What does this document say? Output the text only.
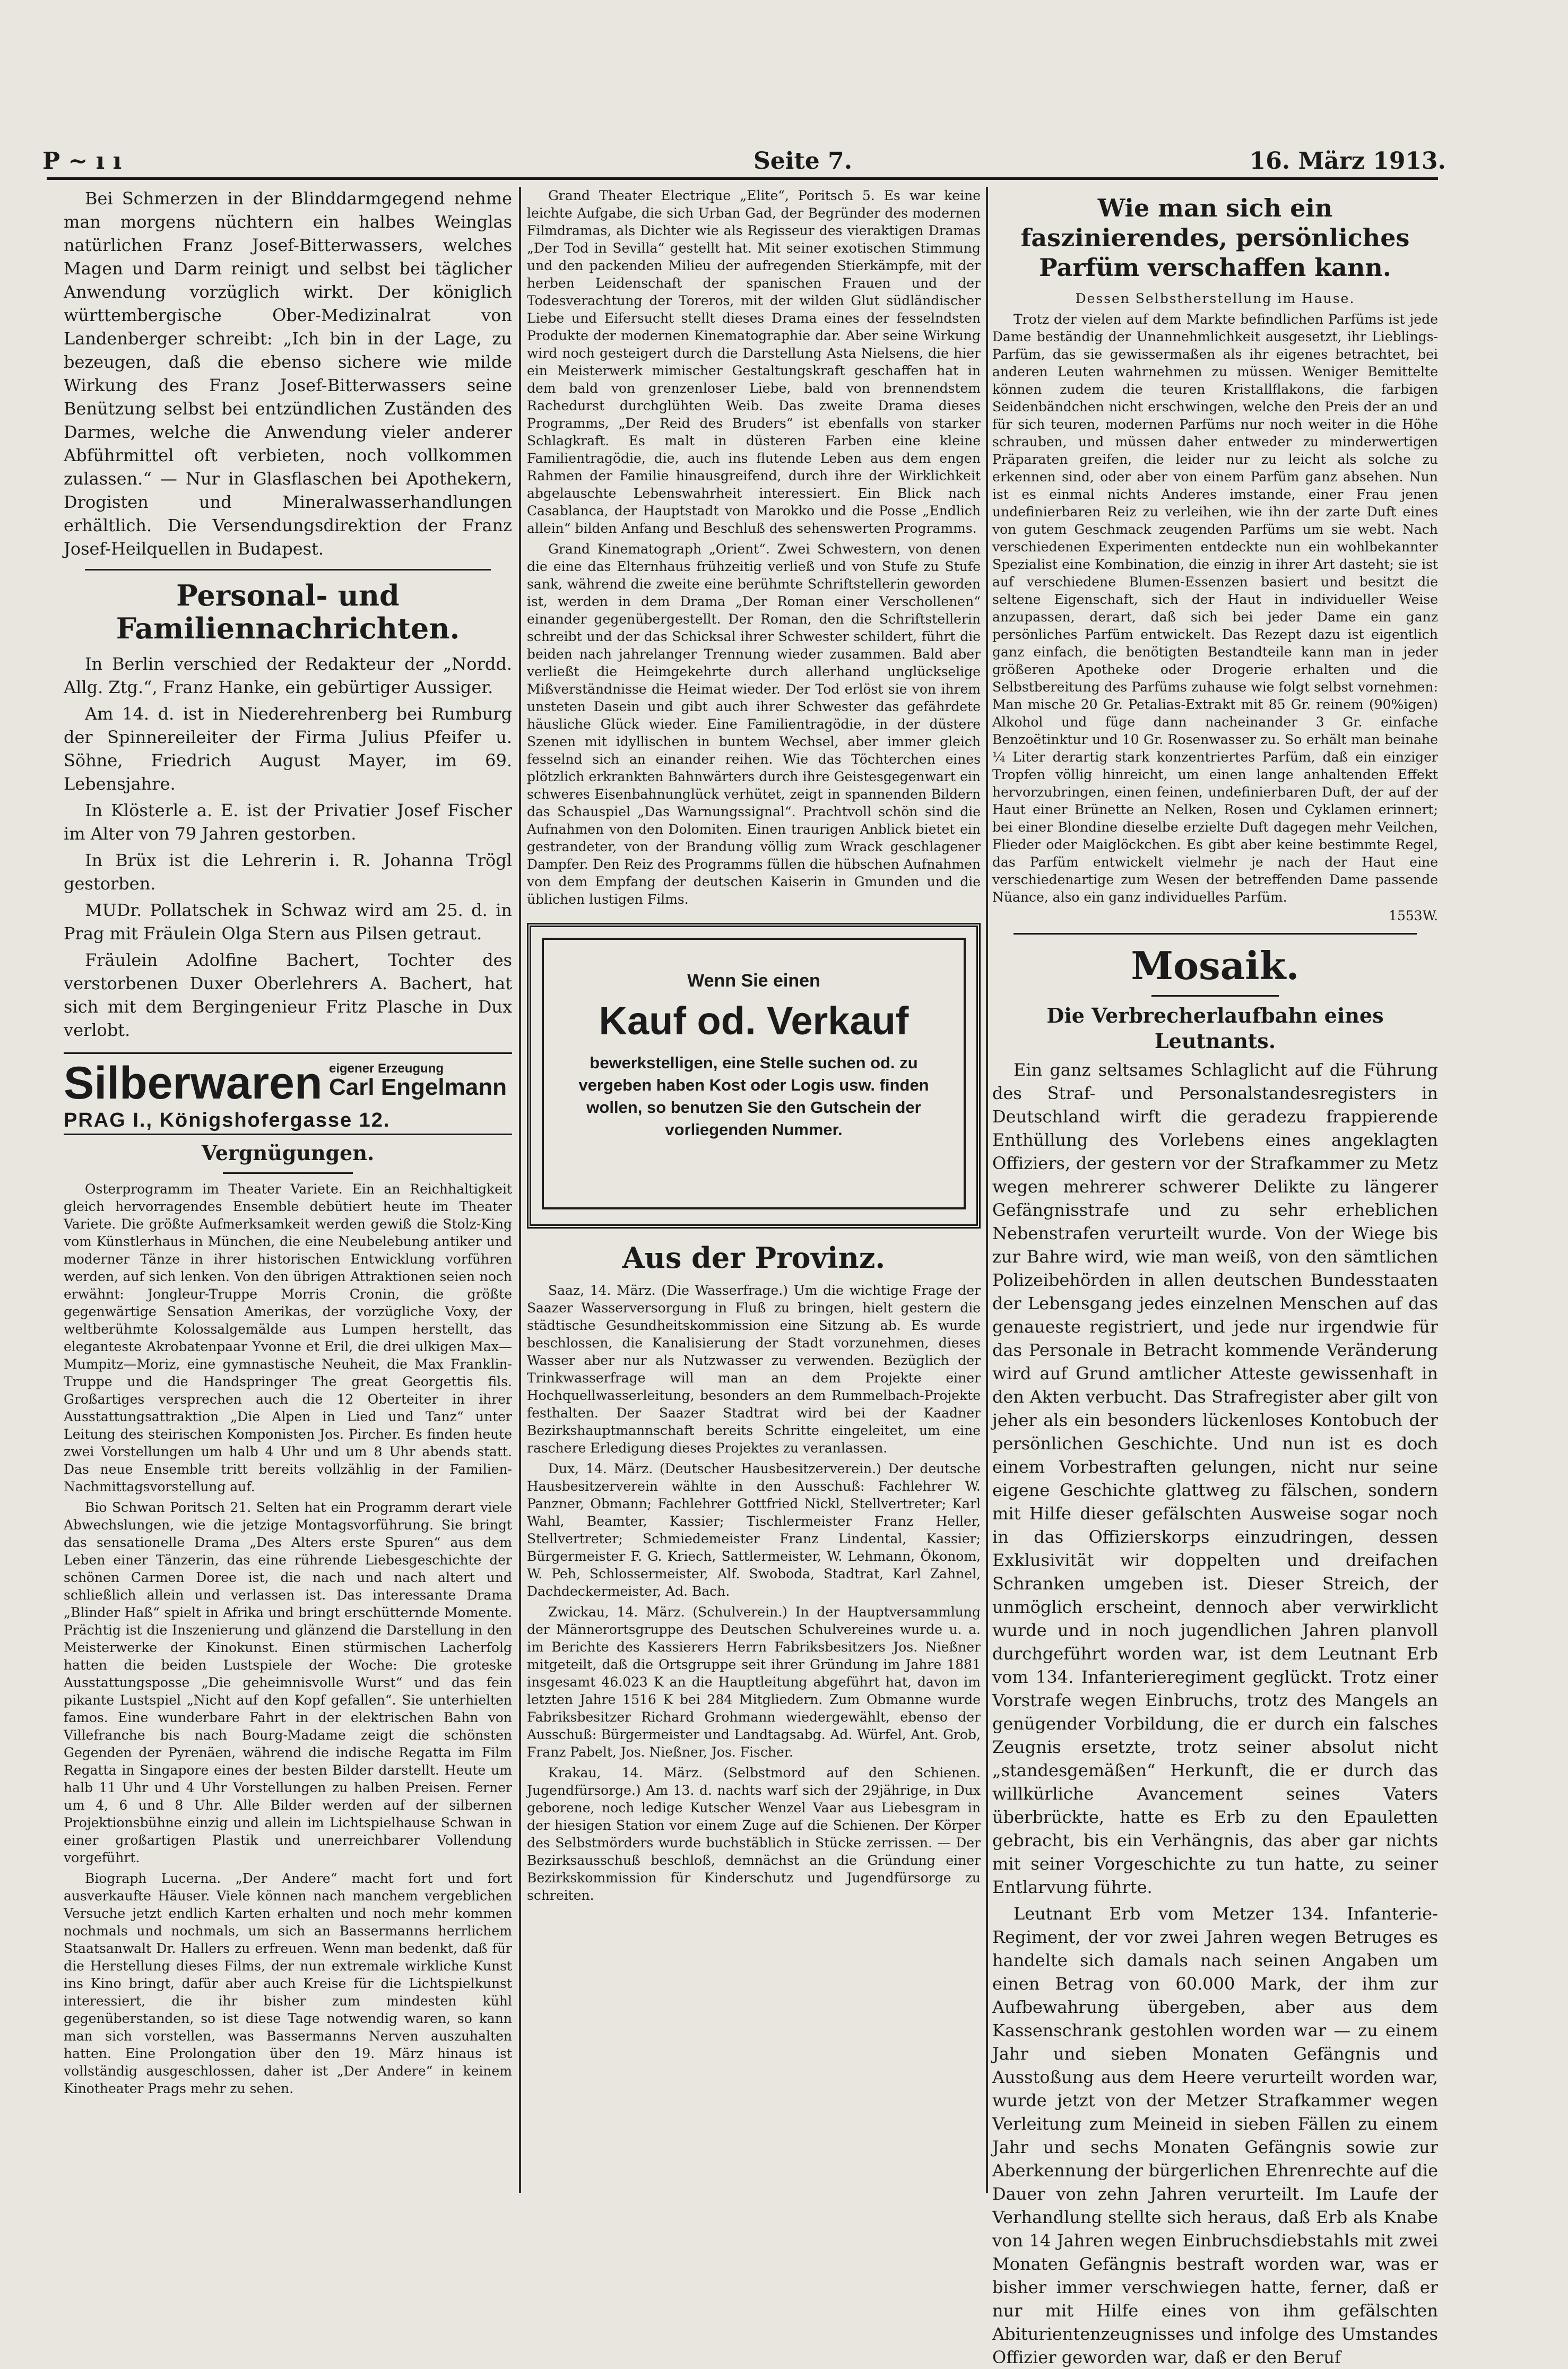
P ~ ı ı	Seite 7.	16. März 1913.

Bei Schmerzen in der Blinddarmgegend nehme man morgens nüchtern ein halbes Weinglas natürlichen Franz Josef-Bitterwassers, welches Magen und Darm reinigt und selbst bei täglicher Anwendung vorzüglich wirkt. Der königlich württembergische Ober-Medizinalrat von Landenberger schreibt: „Ich bin in der Lage, zu bezeugen, daß die ebenso sichere wie milde Wirkung des Franz Josef-Bitterwassers seine Benützung selbst bei entzündlichen Zuständen des Darmes, welche die Anwendung vieler anderer Abführmittel oft verbieten, noch vollkommen zulassen.“ — Nur in Glasflaschen bei Apothekern, Drogisten und Mineralwasserhandlungen erhältlich. Die Versendungsdirektion der Franz Josef-Heilquellen in Budapest.

Personal- und Familiennachrichten.

In Berlin verschied der Redakteur der „Nordd. Allg. Ztg.“, Franz Hanke, ein gebürtiger Aussiger.

Am 14. d. ist in Niederehrenberg bei Rumburg der Spinnereileiter der Firma Julius Pfeifer u. Söhne, Friedrich August Mayer, im 69. Lebensjahre.

In Klösterle a. E. ist der Privatier Josef Fischer im Alter von 79 Jahren gestorben.

In Brüx ist die Lehrerin i. R. Johanna Trögl gestorben.

MUDr. Pollatschek in Schwaz wird am 25. d. in Prag mit Fräulein Olga Stern aus Pilsen getraut.

Fräulein Adolfine Bachert, Tochter des verstorbenen Duxer Oberlehrers A. Bachert, hat sich mit dem Bergingenieur Fritz Plasche in Dux verlobt.

Silberwaren eigener Erzeugung
Carl Engelmann
PRAG I., Königshofergasse 12.
Vergnügungen.

Osterprogramm im Theater Variete. Ein an Reichhaltigkeit gleich hervorragendes Ensemble debütiert heute im Theater Variete. Die größte Aufmerksamkeit werden gewiß die Stolz-King vom Künstlerhaus in München, die eine Neubelebung antiker und moderner Tänze in ihrer historischen Entwicklung vorführen werden, auf sich lenken. Von den übrigen Attraktionen seien noch erwähnt: Jongleur-Truppe Morris Cronin, die größte gegenwärtige Sensation Amerikas, der vorzügliche Voxy, der weltberühmte Kolossalgemälde aus Lumpen herstellt, das eleganteste Akrobatenpaar Yvonne et Eril, die drei ulkigen Max—Mumpitz—Moriz, eine gymnastische Neuheit, die Max Franklin-Truppe und die Handspringer The great Georgettis fils. Großartiges versprechen auch die 12 Oberteiter in ihrer Ausstattungsattraktion „Die Alpen in Lied und Tanz“ unter Leitung des steirischen Komponisten Jos. Pircher. Es finden heute zwei Vorstellungen um halb 4 Uhr und um 8 Uhr abends statt. Das neue Ensemble tritt bereits vollzählig in der Familien-Nachmittagsvorstellung auf.

Bio Schwan Poritsch 21. Selten hat ein Programm derart viele Abwechslungen, wie die jetzige Montagsvorführung. Sie bringt das sensationelle Drama „Des Alters erste Spuren“ aus dem Leben einer Tänzerin, das eine rührende Liebesgeschichte der schönen Carmen Doree ist, die nach und nach altert und schließlich allein und verlassen ist. Das interessante Drama „Blinder Haß“ spielt in Afrika und bringt erschütternde Momente. Prächtig ist die Inszenierung und glänzend die Darstellung in den Meisterwerke der Kinokunst. Einen stürmischen Lacherfolg hatten die beiden Lustspiele der Woche: Die groteske Ausstattungsposse „Die geheimnisvolle Wurst“ und das fein pikante Lustspiel „Nicht auf den Kopf gefallen“. Sie unterhielten famos. Eine wunderbare Fahrt in der elektrischen Bahn von Villefranche bis nach Bourg-Madame zeigt die schönsten Gegenden der Pyrenäen, während die indische Regatta im Film Regatta in Singapore eines der besten Bilder darstellt. Heute um halb 11 Uhr und 4 Uhr Vorstellungen zu halben Preisen. Ferner um 4, 6 und 8 Uhr. Alle Bilder werden auf der silbernen Projektionsbühne einzig und allein im Lichtspielhause Schwan in einer großartigen Plastik und unerreichbarer Vollendung vorgeführt.

Biograph Lucerna. „Der Andere“ macht fort und fort ausverkaufte Häuser. Viele können nach manchem vergeblichen Versuche jetzt endlich Karten erhalten und noch mehr kommen nochmals und nochmals, um sich an Bassermanns herrlichem Staatsanwalt Dr. Hallers zu erfreuen. Wenn man bedenkt, daß für die Herstellung dieses Films, der nun extremale wirkliche Kunst ins Kino bringt, dafür aber auch Kreise für die Lichtspielkunst interessiert, die ihr bisher zum mindesten kühl gegenüberstanden, so ist diese Tage notwendig waren, so kann man sich vorstellen, was Bassermanns Nerven auszuhalten hatten. Eine Prolongation über den 19. März hinaus ist vollständig ausgeschlossen, daher ist „Der Andere“ in keinem Kinotheater Prags mehr zu sehen.

Grand Theater Electrique „Elite“, Poritsch 5. Es war keine leichte Aufgabe, die sich Urban Gad, der Begründer des modernen Filmdramas, als Dichter wie als Regisseur des vieraktigen Dramas „Der Tod in Sevilla“ gestellt hat. Mit seiner exotischen Stimmung und den packenden Milieu der aufregenden Stierkämpfe, mit der herben Leidenschaft der spanischen Frauen und der Todesverachtung der Toreros, mit der wilden Glut südländischer Liebe und Eifersucht stellt dieses Drama eines der fesselndsten Produkte der modernen Kinematographie dar. Aber seine Wirkung wird noch gesteigert durch die Darstellung Asta Nielsens, die hier ein Meisterwerk mimischer Gestaltungskraft geschaffen hat in dem bald von grenzenloser Liebe, bald von brennendstem Rachedurst durchglühten Weib. Das zweite Drama dieses Programms, „Der Reid des Bruders“ ist ebenfalls von starker Schlagkraft. Es malt in düsteren Farben eine kleine Familientragödie, die, auch ins flutende Leben aus dem engen Rahmen der Familie hinausgreifend, durch ihre der Wirklichkeit abgelauschte Lebenswahrheit interessiert. Ein Blick nach Casablanca, der Hauptstadt von Marokko und die Posse „Endlich allein“ bilden Anfang und Beschluß des sehenswerten Programms.

Grand Kinematograph „Orient“. Zwei Schwestern, von denen die eine das Elternhaus frühzeitig verließ und von Stufe zu Stufe sank, während die zweite eine berühmte Schriftstellerin geworden ist, werden in dem Drama „Der Roman einer Verschollenen“ einander gegenübergestellt. Der Roman, den die Schriftstellerin schreibt und der das Schicksal ihrer Schwester schildert, führt die beiden nach jahrelanger Trennung wieder zusammen. Bald aber verließt die Heimgekehrte durch allerhand unglückselige Mißverständnisse die Heimat wieder. Der Tod erlöst sie von ihrem unsteten Dasein und gibt auch ihrer Schwester das gefährdete häusliche Glück wieder. Eine Familientragödie, in der düstere Szenen mit idyllischen in buntem Wechsel, aber immer gleich fesselnd sich an einander reihen. Wie das Töchterchen eines plötzlich erkrankten Bahnwärters durch ihre Geistesgegenwart ein schweres Eisenbahnunglück verhütet, zeigt in spannenden Bildern das Schauspiel „Das Warnungssignal“. Prachtvoll schön sind die Aufnahmen von den Dolomiten. Einen traurigen Anblick bietet ein gestrandeter, von der Brandung völlig zum Wrack geschlagener Dampfer. Den Reiz des Programms füllen die hübschen Aufnahmen von dem Empfang der deutschen Kaiserin in Gmunden und die üblichen lustigen Films.

Wenn Sie einen
Kauf od. Verkauf
bewerkstelligen, eine Stelle suchen od. zu vergeben haben Kost oder Logis usw. finden wollen, so benutzen Sie den Gutschein der vorliegenden Nummer.
Aus der Provinz.

Saaz, 14. März. (Die Wasserfrage.) Um die wichtige Frage der Saazer Wasserversorgung in Fluß zu bringen, hielt gestern die städtische Gesundheitskommission eine Sitzung ab. Es wurde beschlossen, die Kanalisierung der Stadt vorzunehmen, dieses Wasser aber nur als Nutzwasser zu verwenden. Bezüglich der Trinkwasserfrage will man an dem Projekte einer Hochquellwasserleitung, besonders an dem Rummelbach-Projekte festhalten. Der Saazer Stadtrat wird bei der Kaadner Bezirkshauptmannschaft bereits Schritte eingeleitet, um eine raschere Erledigung dieses Projektes zu veranlassen.

Dux, 14. März. (Deutscher Hausbesitzerverein.) Der deutsche Hausbesitzerverein wählte in den Ausschuß: Fachlehrer W. Panzner, Obmann; Fachlehrer Gottfried Nickl, Stellvertreter; Karl Wahl, Beamter, Kassier; Tischlermeister Franz Heller, Stellvertreter; Schmiedemeister Franz Lindental, Kassier; Bürgermeister F. G. Kriech, Sattlermeister, W. Lehmann, Ökonom, W. Peh, Schlossermeister, Alf. Swoboda, Stadtrat, Karl Zahnel, Dachdeckermeister, Ad. Bach.

Zwickau, 14. März. (Schulverein.) In der Hauptversammlung der Männerortsgruppe des Deutschen Schulvereines wurde u. a. im Berichte des Kassierers Herrn Fabriksbesitzers Jos. Nießner mitgeteilt, daß die Ortsgruppe seit ihrer Gründung im Jahre 1881 insgesamt 46.023 K an die Hauptleitung abgeführt hat, davon im letzten Jahre 1516 K bei 284 Mitgliedern. Zum Obmanne wurde Fabriksbesitzer Richard Grohmann wiedergewählt, ebenso der Ausschuß: Bürgermeister und Landtagsabg. Ad. Würfel, Ant. Grob, Franz Pabelt, Jos. Nießner, Jos. Fischer.

Krakau, 14. März. (Selbstmord auf den Schienen. Jugendfürsorge.) Am 13. d. nachts warf sich der 29jährige, in Dux geborene, noch ledige Kutscher Wenzel Vaar aus Liebesgram in der hiesigen Station vor einem Zuge auf die Schienen. Der Körper des Selbstmörders wurde buchstäblich in Stücke zerrissen. — Der Bezirksausschuß beschloß, demnächst an die Gründung einer Bezirkskommission für Kinderschutz und Jugendfürsorge zu schreiten.

Wie man sich ein faszinierendes, persönliches Parfüm verschaffen kann.

Dessen Selbstherstellung im Hause.

Trotz der vielen auf dem Markte befindlichen Parfüms ist jede Dame beständig der Unannehmlichkeit ausgesetzt, ihr Lieblings-Parfüm, das sie gewissermaßen als ihr eigenes betrachtet, bei anderen Leuten wahrnehmen zu müssen. Weniger Bemittelte können zudem die teuren Kristallflakons, die farbigen Seidenbändchen nicht erschwingen, welche den Preis der an und für sich teuren, modernen Parfüms nur noch weiter in die Höhe schrauben, und müssen daher entweder zu minderwertigen Präparaten greifen, die leider nur zu leicht als solche zu erkennen sind, oder aber von einem Parfüm ganz absehen. Nun ist es einmal nichts Anderes imstande, einer Frau jenen undefinierbaren Reiz zu verleihen, wie ihn der zarte Duft eines von gutem Geschmack zeugenden Parfüms um sie webt. Nach verschiedenen Experimenten entdeckte nun ein wohlbekannter Spezialist eine Kombination, die einzig in ihrer Art dasteht; sie ist auf verschiedene Blumen-Essenzen basiert und besitzt die seltene Eigenschaft, sich der Haut in individueller Weise anzupassen, derart, daß sich bei jeder Dame ein ganz persönliches Parfüm entwickelt. Das Rezept dazu ist eigentlich ganz einfach, die benötigten Bestandteile kann man in jeder größeren Apotheke oder Drogerie erhalten und die Selbstbereitung des Parfüms zuhause wie folgt selbst vornehmen: Man mische 20 Gr. Petalias-Extrakt mit 85 Gr. reinem (90%igen) Alkohol und füge dann nacheinander 3 Gr. einfache Benzoëtinktur und 10 Gr. Rosenwasser zu. So erhält man beinahe ¼ Liter derartig stark konzentriertes Parfüm, daß ein einziger Tropfen völlig hinreicht, um einen lange anhaltenden Effekt hervorzubringen, einen feinen, undefinierbaren Duft, der auf der Haut einer Brünette an Nelken, Rosen und Cyklamen erinnert; bei einer Blondine dieselbe erzielte Duft dagegen mehr Veilchen, Flieder oder Maiglöckchen. Es gibt aber keine bestimmte Regel, das Parfüm entwickelt vielmehr je nach der Haut eine verschiedenartige zum Wesen der betreffenden Dame passende Nüance, also ein ganz individuelles Parfüm.

1553W.

Mosaik.
Die Verbrecherlaufbahn eines Leutnants.

Ein ganz seltsames Schlaglicht auf die Führung des Straf- und Personalstandesregisters in Deutschland wirft die geradezu frappierende Enthüllung des Vorlebens eines angeklagten Offiziers, der gestern vor der Strafkammer zu Metz wegen mehrerer schwerer Delikte zu längerer Gefängnisstrafe und zu sehr erheblichen Nebenstrafen verurteilt wurde. Von der Wiege bis zur Bahre wird, wie man weiß, von den sämtlichen Polizeibehörden in allen deutschen Bundesstaaten der Lebensgang jedes einzelnen Menschen auf das genaueste registriert, und jede nur irgendwie für das Personale in Betracht kommende Veränderung wird auf Grund amtlicher Atteste gewissenhaft in den Akten verbucht. Das Strafregister aber gilt von jeher als ein besonders lückenloses Kontobuch der persönlichen Geschichte. Und nun ist es doch einem Vorbestraften gelungen, nicht nur seine eigene Geschichte glattweg zu fälschen, sondern mit Hilfe dieser gefälschten Ausweise sogar noch in das Offizierskorps einzudringen, dessen Exklusivität wir doppelten und dreifachen Schranken umgeben ist. Dieser Streich, der unmöglich erscheint, dennoch aber verwirklicht wurde und in noch jugendlichen Jahren planvoll durchgeführt worden war, ist dem Leutnant Erb vom 134. Infanterieregiment geglückt. Trotz einer Vorstrafe wegen Einbruchs, trotz des Mangels an genügender Vorbildung, die er durch ein falsches Zeugnis ersetzte, trotz seiner absolut nicht „standesgemäßen“ Herkunft, die er durch das willkürliche Avancement seines Vaters überbrückte, hatte es Erb zu den Epauletten gebracht, bis ein Verhängnis, das aber gar nichts mit seiner Vorgeschichte zu tun hatte, zu seiner Entlarvung führte.

Leutnant Erb vom Metzer 134. Infanterie-Regiment, der vor zwei Jahren wegen Betruges es handelte sich damals nach seinen Angaben um einen Betrag von 60.000 Mark, der ihm zur Aufbewahrung übergeben, aber aus dem Kassenschrank gestohlen worden war — zu einem Jahr und sieben Monaten Gefängnis und Ausstoßung aus dem Heere verurteilt worden war, wurde jetzt von der Metzer Strafkammer wegen Verleitung zum Meineid in sieben Fällen zu einem Jahr und sechs Monaten Gefängnis sowie zur Aberkennung der bürgerlichen Ehrenrechte auf die Dauer von zehn Jahren verurteilt. Im Laufe der Verhandlung stellte sich heraus, daß Erb als Knabe von 14 Jahren wegen Einbruchsdiebstahls mit zwei Monaten Gefängnis bestraft worden war, was er bisher immer verschwiegen hatte, ferner, daß er nur mit Hilfe eines von ihm gefälschten Abiturientenzeugnisses und infolge des Umstandes Offizier geworden war, daß er den Beruf
